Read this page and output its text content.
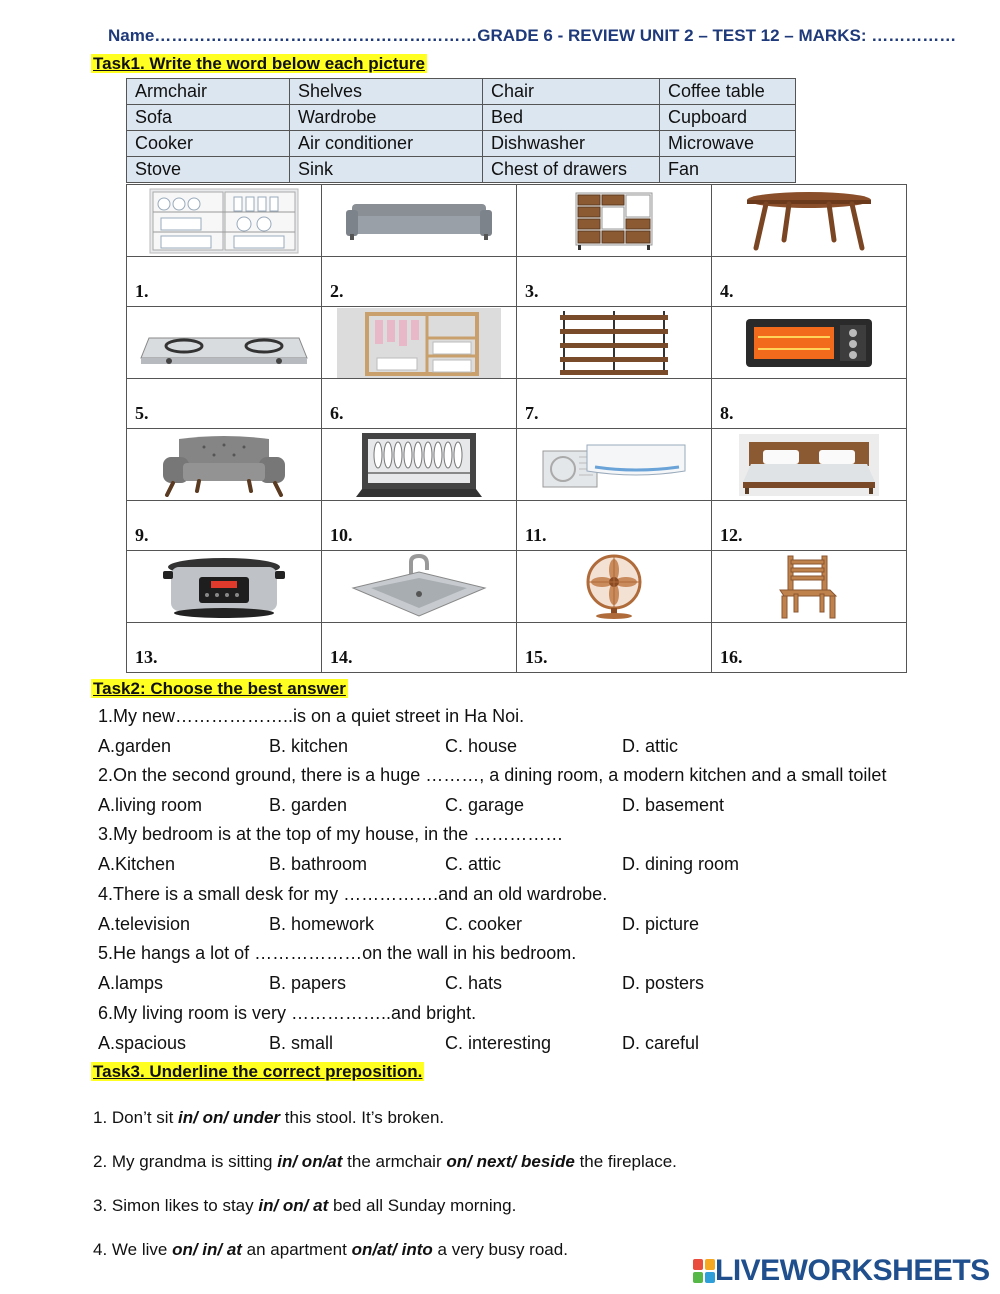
Name…………………………………………………GRADE 6 - REVIEW UNIT 2 – TEST 12 – MARKS: ……………
Task1. Write the word below each picture
Armchair	Shelves	Chair	Coffee table
Sofa	Wardrobe	Bed	Cupboard
Cooker	Air conditioner	Dishwasher	Microwave
Stove	Sink	Chest of drawers	Fan

1.	2.	3.	4.

5.	6.	7.	8.

9.	10.	11.	12.

13.	14.	15.	16.
Task2: Choose the best answer
1.My new………………..is on a quiet street in Ha Noi.
A.garden	B. kitchen	C. house	D. attic
2.On the second ground, there is a huge ………, a dining room, a modern kitchen and a small toilet
A.living room	B. garden	C. garage	D. basement
3.My bedroom is at the top of my house, in the ……………
A.Kitchen	B. bathroom	C. attic	D. dining room
4.There is a small desk for my …………….and an old wardrobe.
A.television	B. homework	C. cooker	D. picture
5.He hangs a lot of ………………on the wall in his bedroom.
A.lamps	B. papers	C. hats	D. posters
6.My living room is very ……………..and bright.
A.spacious	B. small	C. interesting	D. careful
Task3. Underline the correct preposition.
1. Don’t sit in/ on/ under this stool. It’s broken.
2. My grandma is sitting in/ on/at the armchair on/ next/ beside the fireplace.
3. Simon likes to stay in/ on/ at bed all Sunday morning.
4. We live on/ in/ at an apartment on/at/ into a very busy road.
LIVEWORKSHEETS
